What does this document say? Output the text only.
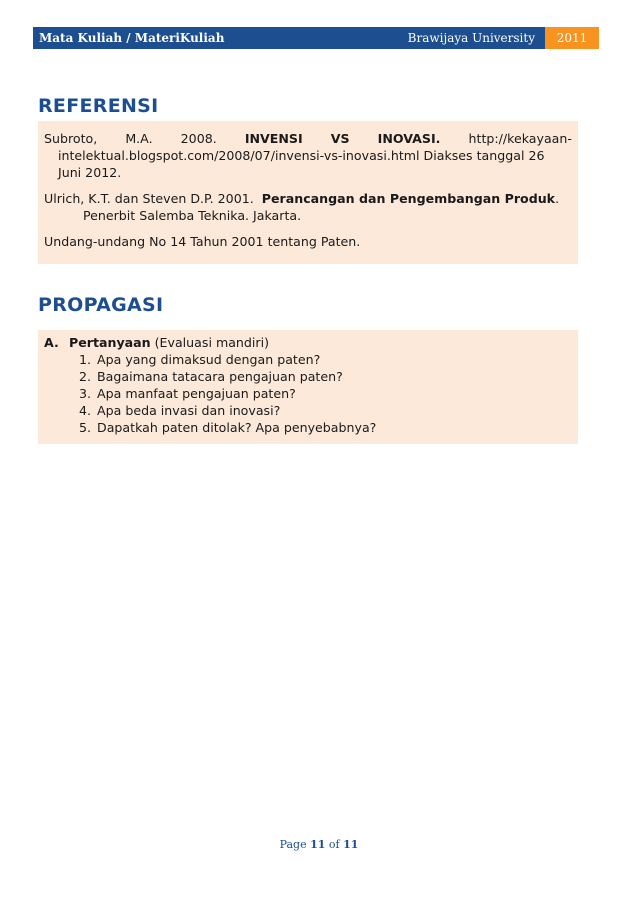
Mata Kuliah / MateriKuliah	Brawijaya University	2011
REFERENSI
Subroto, M.A. 2008. INVENSI VS INOVASI. http://kekayaan-
intelektual.blogspot.com/2008/07/invensi-vs-inovasi.html Diakses tanggal 26
Juni 2012.
Ulrich, K.T. dan Steven D.P. 2001. Perancangan dan Pengembangan Produk.
Penerbit Salemba Teknika. Jakarta.
Undang-undang No 14 Tahun 2001 tentang Paten.
PROPAGASI
A. Pertanyaan (Evaluasi mandiri)
1. Apa yang dimaksud dengan paten?
2. Bagaimana tatacara pengajuan paten?
3. Apa manfaat pengajuan paten?
4. Apa beda invasi dan inovasi?
5. Dapatkah paten ditolak? Apa penyebabnya?
Page 11 of 11
